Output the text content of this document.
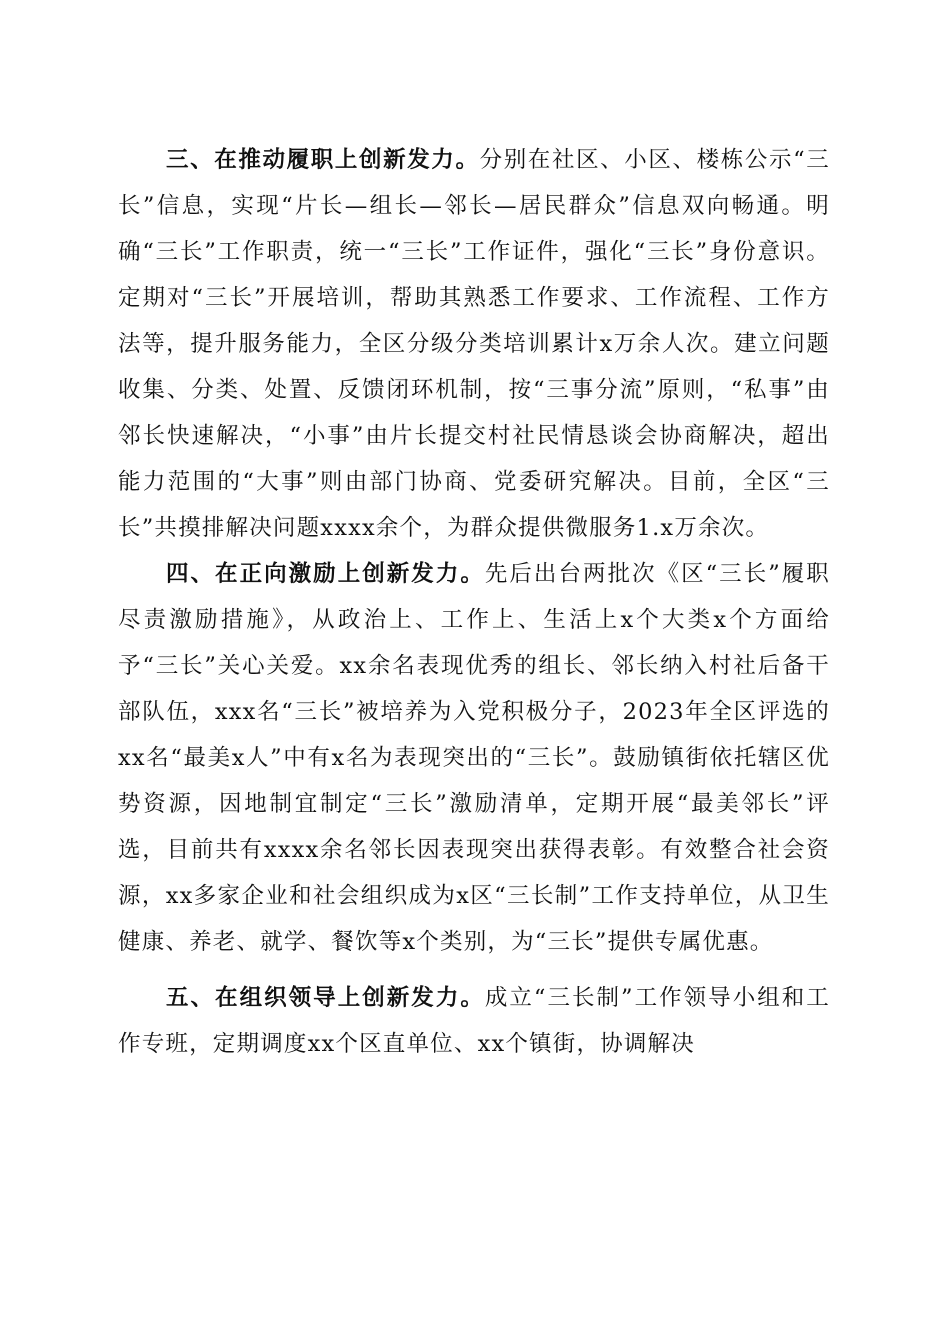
三、在推动履职上创新发力。分别在社区、小区、楼栋公示“三长”信息，实现“片长—组长—邻长—居民群众”信息双向畅通。明确“三长”工作职责，统一“三长”工作证件，强化“三长”身份意识。定期对“三长”开展培训，帮助其熟悉工作要求、工作流程、工作方法等，提升服务能力，全区分级分类培训累计x万余人次。建立问题收集、分类、处置、反馈闭环机制，按“三事分流”原则，“私事”由邻长快速解决，“小事”由片长提交村社民情恳谈会协商解决，超出能力范围的“大事”则由部门协商、党委研究解决。目前，全区“三长”共摸排解决问题xxxx余个，为群众提供微服务1.x万余次。

四、在正向激励上创新发力。先后出台两批次《区“三长”履职尽责激励措施》，从政治上、工作上、生活上x个大类x个方面给予“三长”关心关爱。xx余名表现优秀的组长、邻长纳入村社后备干部队伍，xxx名“三长”被培养为入党积极分子，2023年全区评选的xx名“最美x人”中有x名为表现突出的“三长”。鼓励镇街依托辖区优势资源，因地制宜制定“三长”激励清单，定期开展“最美邻长”评选，目前共有xxxx余名邻长因表现突出获得表彰。有效整合社会资源，xx多家企业和社会组织成为x区“三长制”工作支持单位，从卫生健康、养老、就学、餐饮等x个类别，为“三长”提供专属优惠。

五、在组织领导上创新发力。成立“三长制”工作领导小组和工作专班，定期调度xx个区直单位、xx个镇街，协调解决
